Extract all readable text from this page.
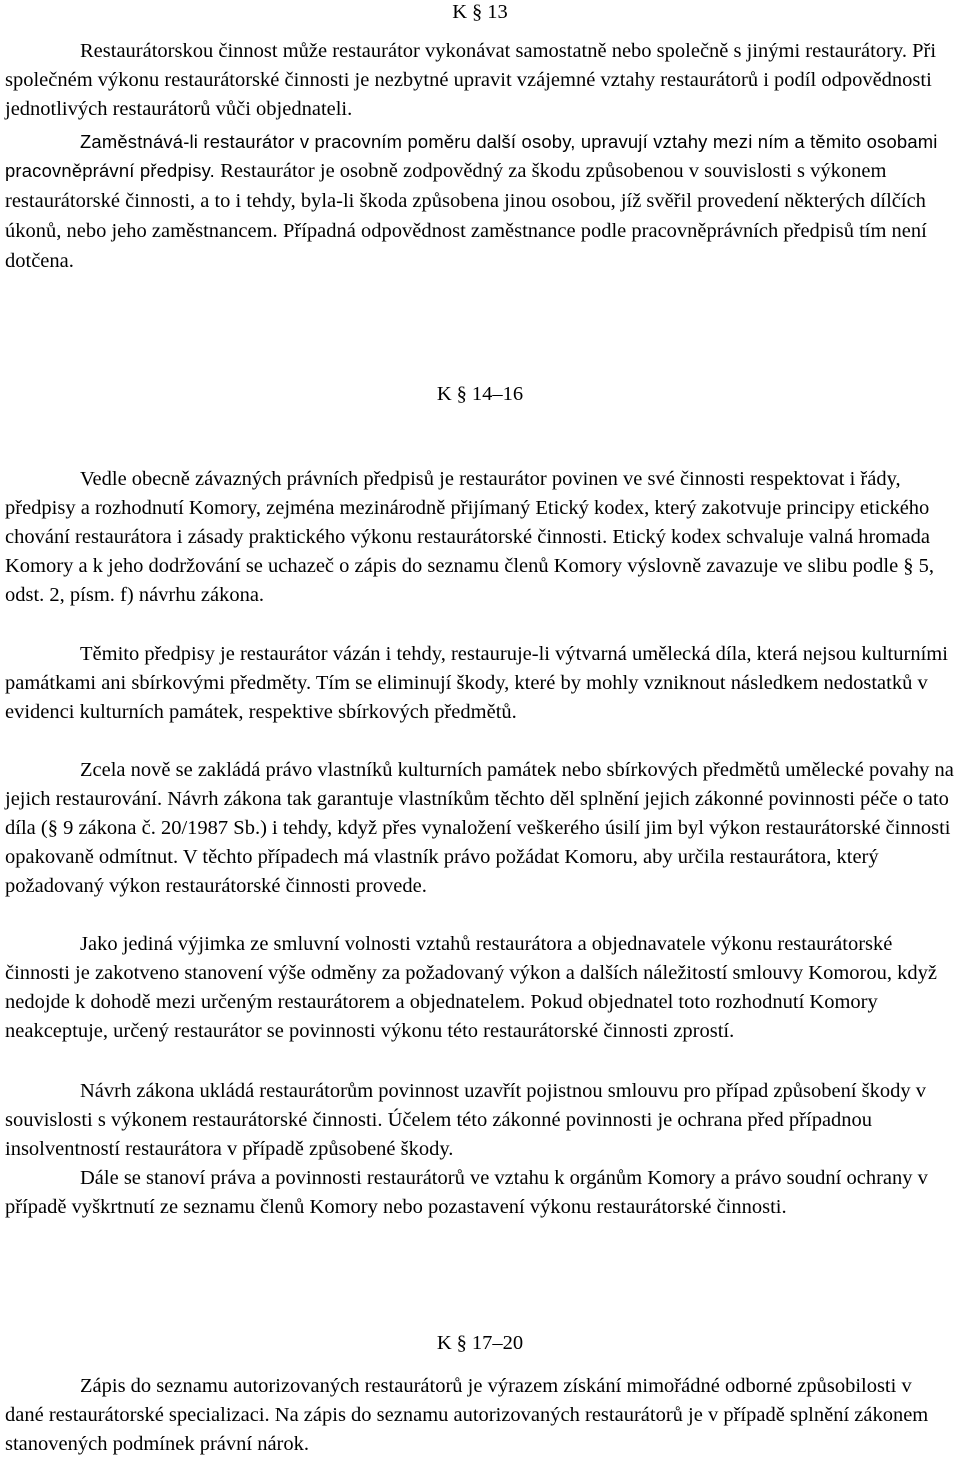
K § 13

Restaurátorskou činnost může restaurátor vykonávat samostatně nebo společně s jinými restaurátory. Při společném výkonu restaurátorské činnosti je nezbytné upravit vzájemné vztahy restaurátorů i podíl odpovědnosti jednotlivých restaurátorů vůči objednateli.

Zaměstnává-li restaurátor v pracovním poměru další osoby, upravují vztahy mezi ním a těmito osobami pracovněprávní předpisy. Restaurátor je osobně zodpovědný za škodu způsobenou v souvislosti s výkonem restaurátorské činnosti, a to i tehdy, byla-li škoda způsobena jinou osobou, jíž svěřil provedení některých dílčích úkonů, nebo jeho zaměstnancem. Případná odpovědnost zaměstnance podle pracovněprávních předpisů tím není dotčena.

K § 14–16

Vedle obecně závazných právních předpisů je restaurátor povinen ve své činnosti respektovat i řády, předpisy a rozhodnutí Komory, zejména mezinárodně přijímaný Etický kodex, který zakotvuje principy etického chování restaurátora i zásady praktického výkonu restaurátorské činnosti. Etický kodex schvaluje valná hromada Komory a k jeho dodržování se uchazeč o zápis do seznamu členů Komory výslovně zavazuje ve slibu podle § 5, odst. 2, písm. f) návrhu zákona.

Těmito předpisy je restaurátor vázán i tehdy, restauruje-li výtvarná umělecká díla, která nejsou kulturními památkami ani sbírkovými předměty. Tím se eliminují škody, které by mohly vzniknout následkem nedostatků v evidenci kulturních památek, respektive sbírkových předmětů.

Zcela nově se zakládá právo vlastníků kulturních památek nebo sbírkových předmětů umělecké povahy na jejich restaurování. Návrh zákona tak garantuje vlastníkům těchto děl splnění jejich zákonné povinnosti péče o tato díla (§ 9 zákona č. 20/1987 Sb.) i tehdy, když přes vynaložení veškerého úsilí jim byl výkon restaurátorské činnosti opakovaně odmítnut. V těchto případech má vlastník právo požádat Komoru, aby určila restaurátora, který požadovaný výkon restaurátorské činnosti provede.

Jako jediná výjimka ze smluvní volnosti vztahů restaurátora a objednavatele výkonu restaurátorské činnosti je zakotveno stanovení výše odměny za požadovaný výkon a dalších náležitostí smlouvy Komorou, když nedojde k dohodě mezi určeným restaurátorem a objednatelem. Pokud objednatel toto rozhodnutí Komory neakceptuje, určený restaurátor se povinnosti výkonu této restaurátorské činnosti zprostí.

Návrh zákona ukládá restaurátorům povinnost uzavřít pojistnou smlouvu pro případ způsobení škody v souvislosti s výkonem restaurátorské činnosti. Účelem této zákonné povinnosti je ochrana před případnou insolventností restaurátora v případě způsobené škody.

Dále se stanoví práva a povinnosti restaurátorů ve vztahu k orgánům Komory a právo soudní ochrany v případě vyškrtnutí ze seznamu členů Komory nebo pozastavení výkonu restaurátorské činnosti.

K § 17–20

Zápis do seznamu autorizovaných restaurátorů je výrazem získání mimořádné odborné způsobilosti v dané restaurátorské specializaci. Na zápis do seznamu autorizovaných restaurátorů je v případě splnění zákonem stanovených podmínek právní nárok.
